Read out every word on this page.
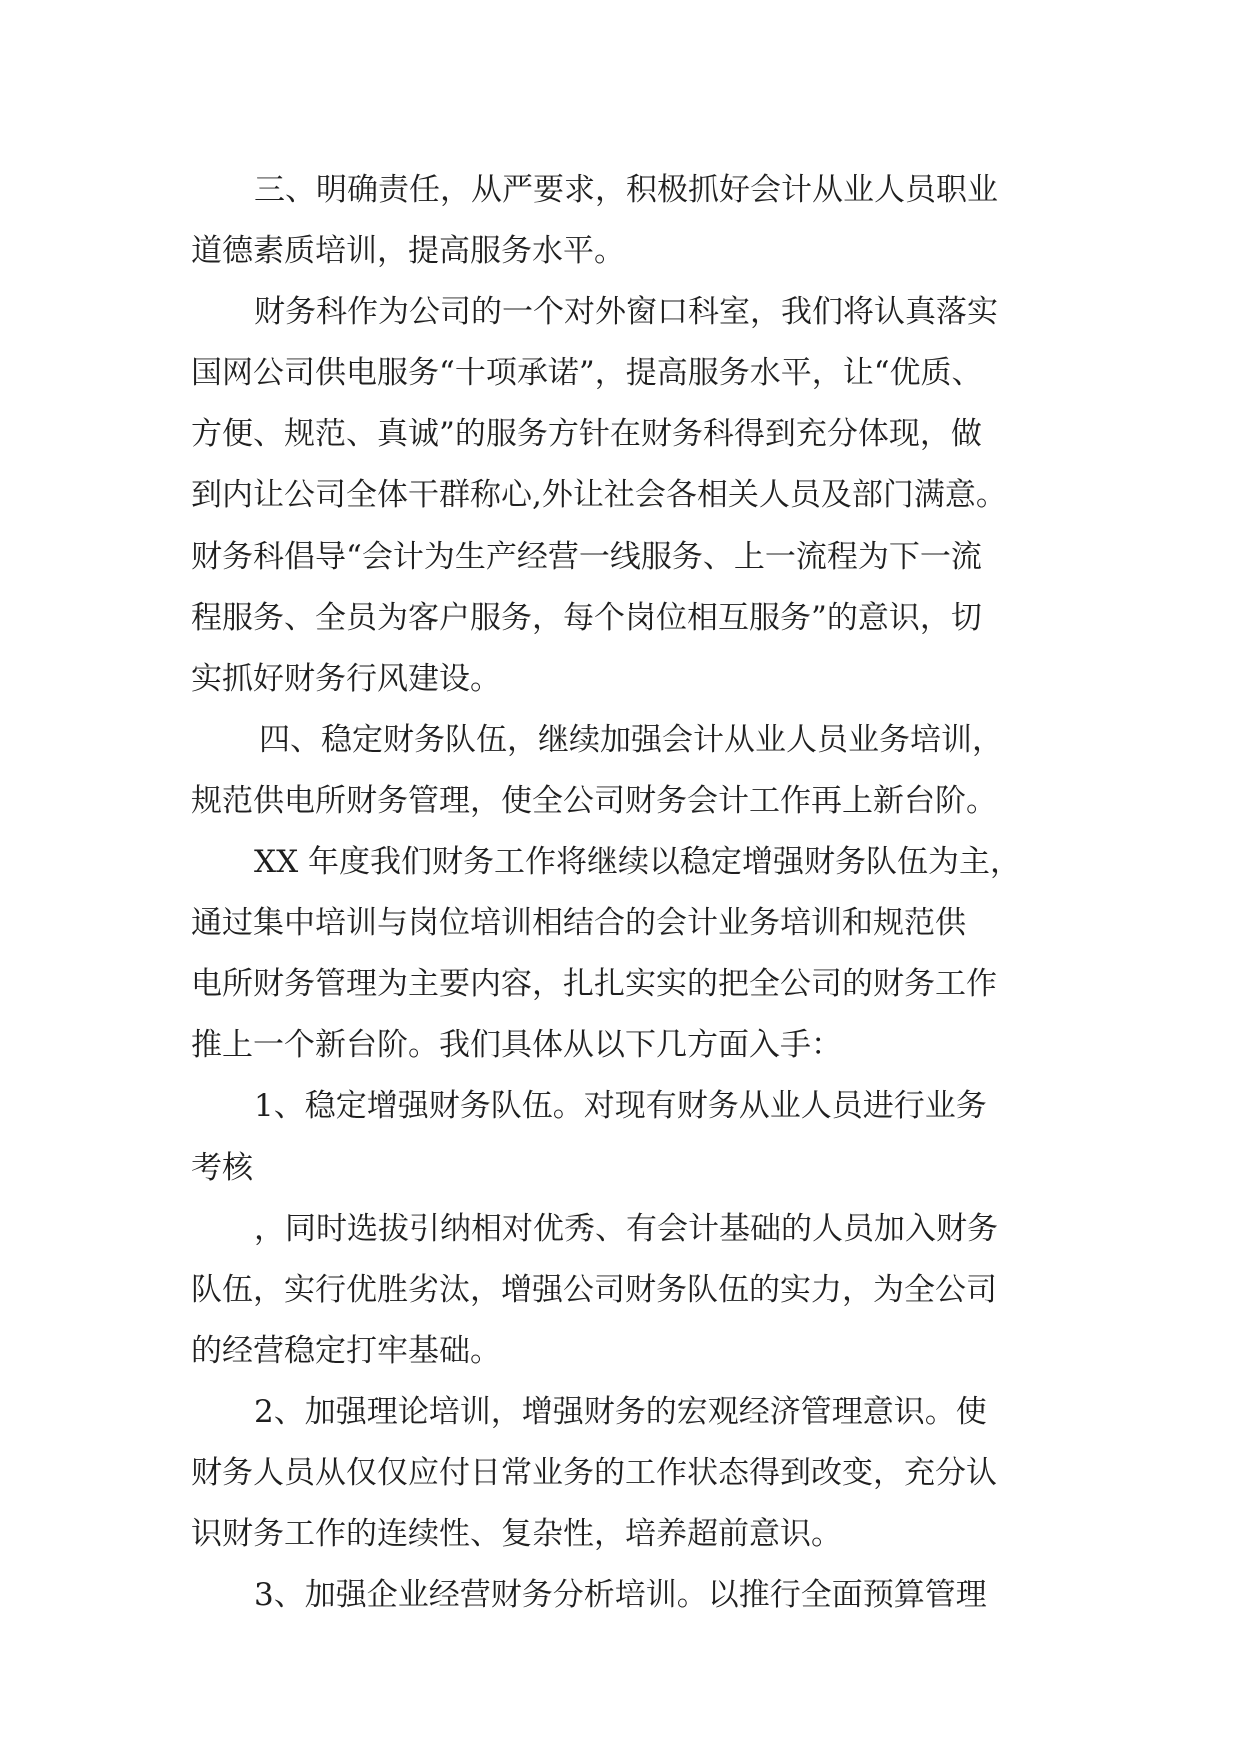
三、明确责任，从严要求，积极抓好会计从业人员职业
道德素质培训，提高服务水平。
财务科作为公司的一个对外窗口科室，我们将认真落实
国网公司供电服务“十项承诺”，提高服务水平，让“优质、
方便、规范、真诚”的服务方针在财务科得到充分体现，做
到内让公司全体干群称心,外让社会各相关人员及部门满意。
财务科倡导“会计为生产经营一线服务、上一流程为下一流
程服务、全员为客户服务，每个岗位相互服务”的意识，切
实抓好财务行风建设。
四、稳定财务队伍，继续加强会计从业人员业务培训，
规范供电所财务管理，使全公司财务会计工作再上新台阶。
XX 年度我们财务工作将继续以稳定增强财务队伍为主，
通过集中培训与岗位培训相结合的会计业务培训和规范供
电所财务管理为主要内容，扎扎实实的把全公司的财务工作
推上一个新台阶。我们具体从以下几方面入手：
1、稳定增强财务队伍。对现有财务从业人员进行业务
考核
，同时选拔引纳相对优秀、有会计基础的人员加入财务
队伍，实行优胜劣汰，增强公司财务队伍的实力，为全公司
的经营稳定打牢基础。
2、加强理论培训，增强财务的宏观经济管理意识。使
财务人员从仅仅应付日常业务的工作状态得到改变，充分认
识财务工作的连续性、复杂性，培养超前意识。
3、加强企业经营财务分析培训。以推行全面预算管理
